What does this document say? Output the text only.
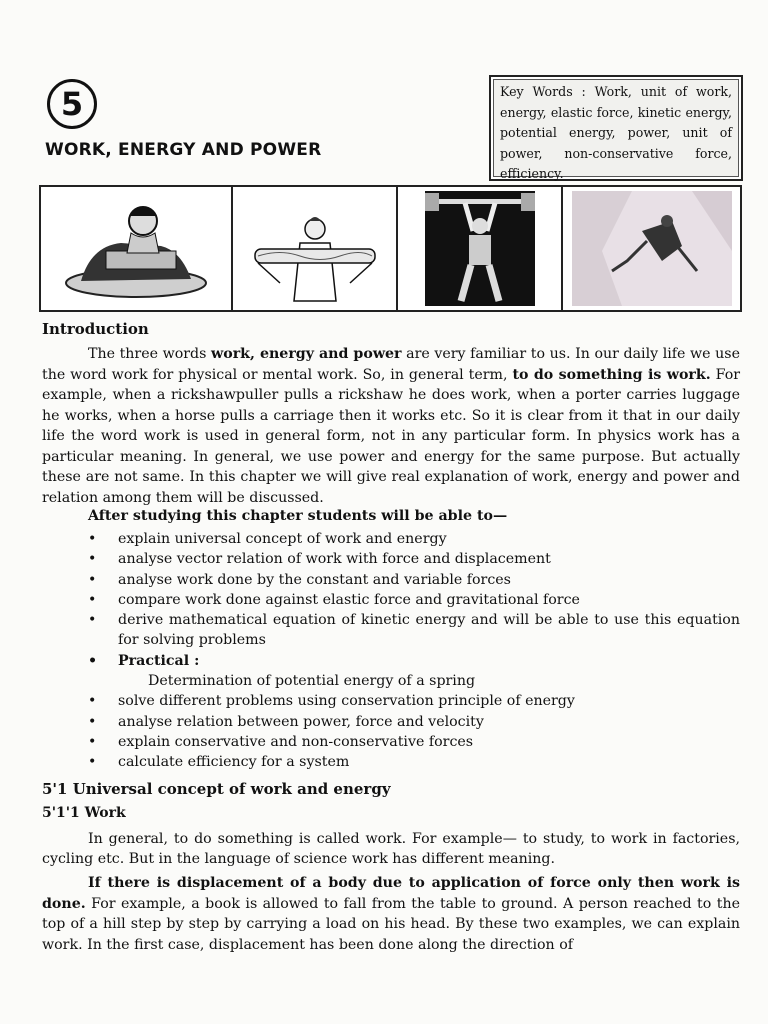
5
WORK, ENERGY AND POWER
Key Words : Work, unit of work, energy, elastic force, kinetic energy, potential energy, power, unit of power, non-conservative force, efficiency.
Introduction
The three words work, energy and power are very familiar to us. In our daily life we use the word work for physical or mental work. So, in general term, to do something is work. For example, when a rickshawpuller pulls a rickshaw he does work, when a porter carries luggage he works, when a horse pulls a carriage then it works etc. So it is clear from it that in our daily life the word work is used in general form, not in any particular form. In physics work has a particular meaning. In general, we use power and energy for the same purpose. But actually these are not same. In this chapter we will give real explanation of work, energy and power and relation among them will be discussed.
After studying this chapter students will be able to—
• explain universal concept of work and energy
• analyse vector relation of work with force and displacement
• analyse work done by the constant and variable forces
• compare work done against elastic force and gravitational force
• derive mathematical equation of kinetic energy and will be able to use this equation for solving problems
• Practical :
Determination of potential energy of a spring
• solve different problems using conservation principle of energy
• analyse relation between power, force and velocity
• explain conservative and non-conservative forces
• calculate efficiency for a system
5'1 Universal concept of work and energy
5'1'1 Work
In general, to do something is called work. For example— to study, to work in factories, cycling etc. But in the language of science work has different meaning.
If there is displacement of a body due to application of force only then work is done. For example, a book is allowed to fall from the table to ground. A person reached to the top of a hill step by step by carrying a load on his head. By these two examples, we can explain work. In the first case, displacement has been done along the direction of
